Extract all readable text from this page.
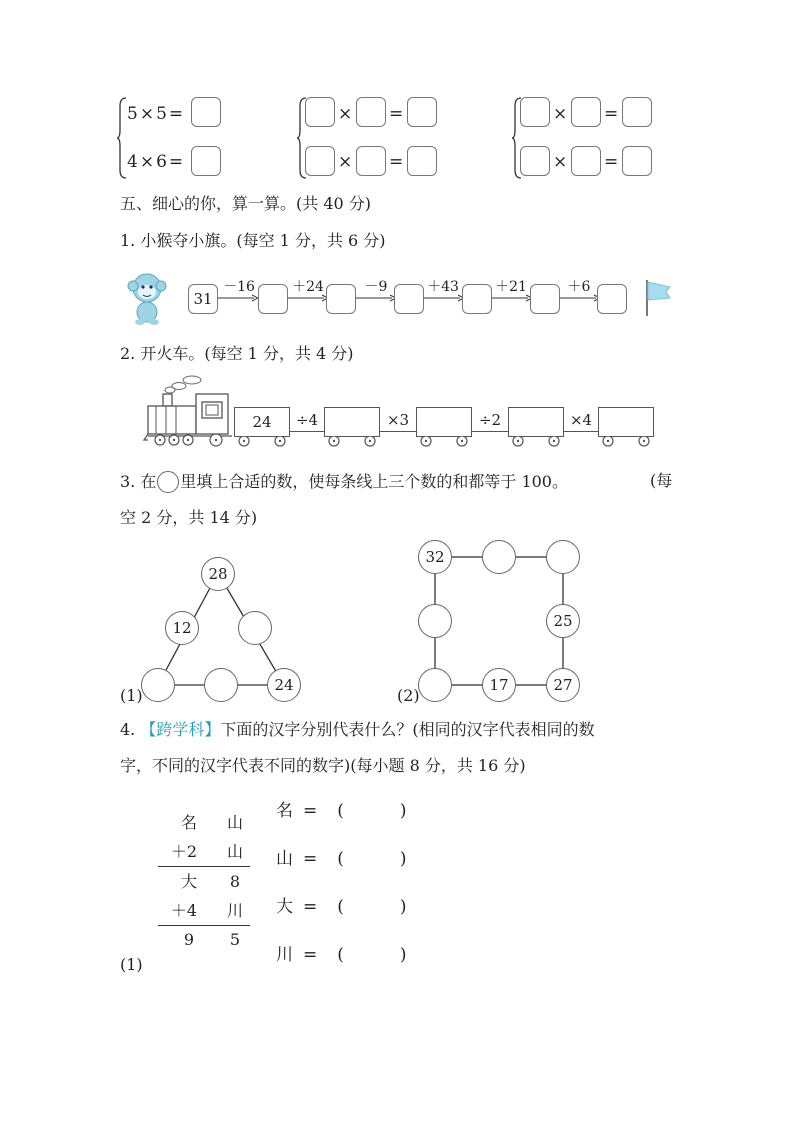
5 × 5 =
4 × 6 =
× =
× =
× =
× =
五、细心的你，算一算。(共 40 分)
1. 小猴夺小旗。(每空 1 分，共 6 分)
31
－16	＋24	－9	＋43	＋21	＋6
2. 开火车。(每空 1 分，共 4 分)
24	÷4	×3	÷2	×4
3. 在 里填上合适的数，使每条线上三个数的和都等于 100。	(每
空 2 分，共 14 分)
28
12
24
(1)
32
25
17	27
(2)
4. 【跨学科】下面的汉字分别代表什么？(相同的汉字代表相同的数
字，不同的汉字代表不同的数字)(每小题 8 分，共 16 分)
名	山
＋2	山
大	8
＋4	川
9	5
(1)
名 = (	)
山 = (	)
大 = (	)
川 = (	)
